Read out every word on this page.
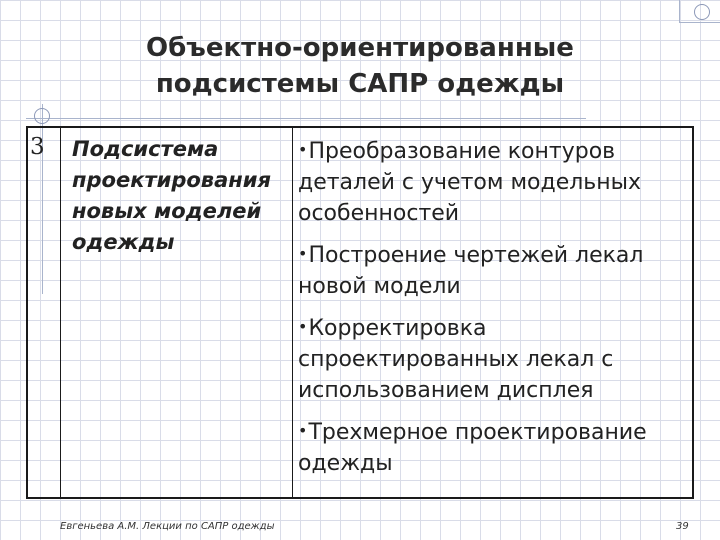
Объектно-ориентированные
подсистемы САПР одежды
3 Подсистема
проектирования
новых моделей
одежды
•Преобразование контуров
деталей с учетом модельных
особенностей
•Построение чертежей лекал
новой модели
•Корректировка
спроектированных лекал с
использованием дисплея
•Трехмерное проектирование
одежды
Евгеньева А.М. Лекции по САПР одежды	39
